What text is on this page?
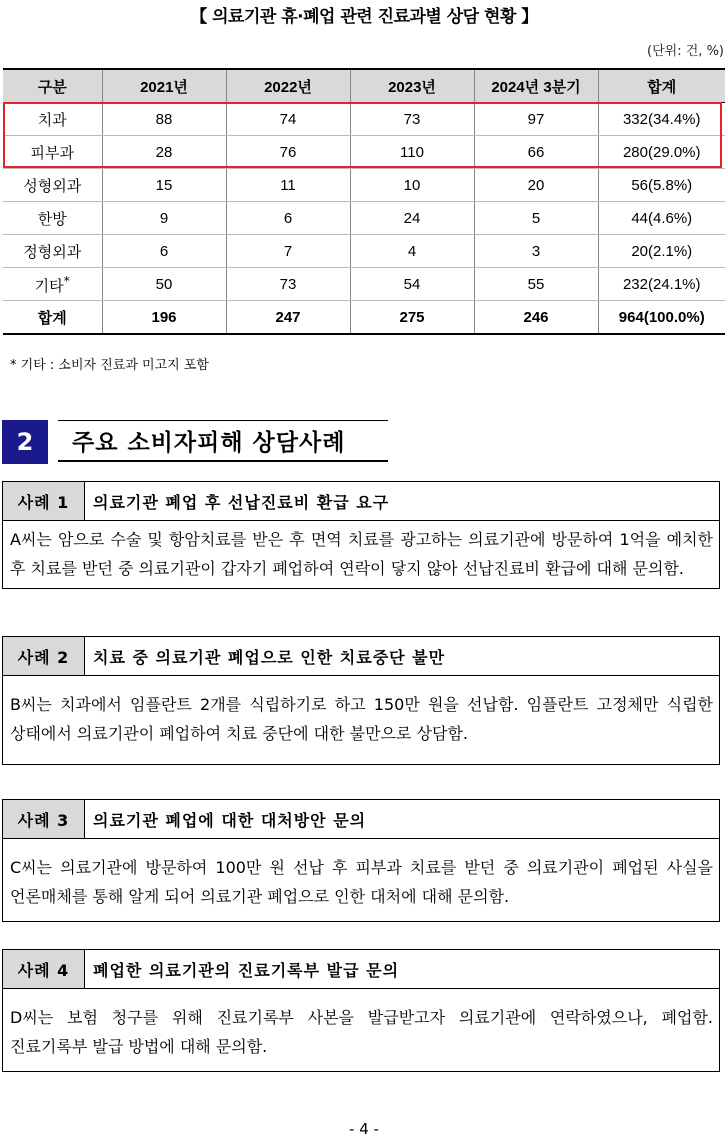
【 의료기관 휴·폐업 관련 진료과별 상담 현황 】
(단위: 건, %)
구분	2021년	2022년	2023년	2024년 3분기	합계
치과	88	74	73	97	332(34.4%)
피부과	28	76	110	66	280(29.0%)
성형외과	15	11	10	20	56(5.8%)
한방	9	6	24	5	44(4.6%)
정형외과	6	7	4	3	20(2.1%)
기타*	50	73	54	55	232(24.1%)
합계	196	247	275	246	964(100.0%)
* 기타 : 소비자 진료과 미고지 포함
2	주요 소비자피해 상담사례
사례 1	의료기관 폐업 후 선납진료비 환급 요구
A씨는 암으로 수술 및 항암치료를 받은 후 면역 치료를 광고하는 의료기관에 방문하여 1억을 예치한 후 치료를 받던 중 의료기관이 갑자기 폐업하여 연락이 닿지 않아 선납진료비 환급에 대해 문의함.
사례 2	치료 중 의료기관 폐업으로 인한 치료중단 불만
B씨는 치과에서 임플란트 2개를 식립하기로 하고 150만 원을 선납함. 임플란트 고정체만 식립한 상태에서 의료기관이 폐업하여 치료 중단에 대한 불만으로 상담함.
사례 3	의료기관 폐업에 대한 대처방안 문의
C씨는 의료기관에 방문하여 100만 원 선납 후 피부과 치료를 받던 중 의료기관이 폐업된 사실을 언론매체를 통해 알게 되어 의료기관 폐업으로 인한 대처에 대해 문의함.
사례 4	폐업한 의료기관의 진료기록부 발급 문의
D씨는 보험 청구를 위해 진료기록부 사본을 발급받고자 의료기관에 연락하였으나, 폐업함. 진료기록부 발급 방법에 대해 문의함.
- 4 -
